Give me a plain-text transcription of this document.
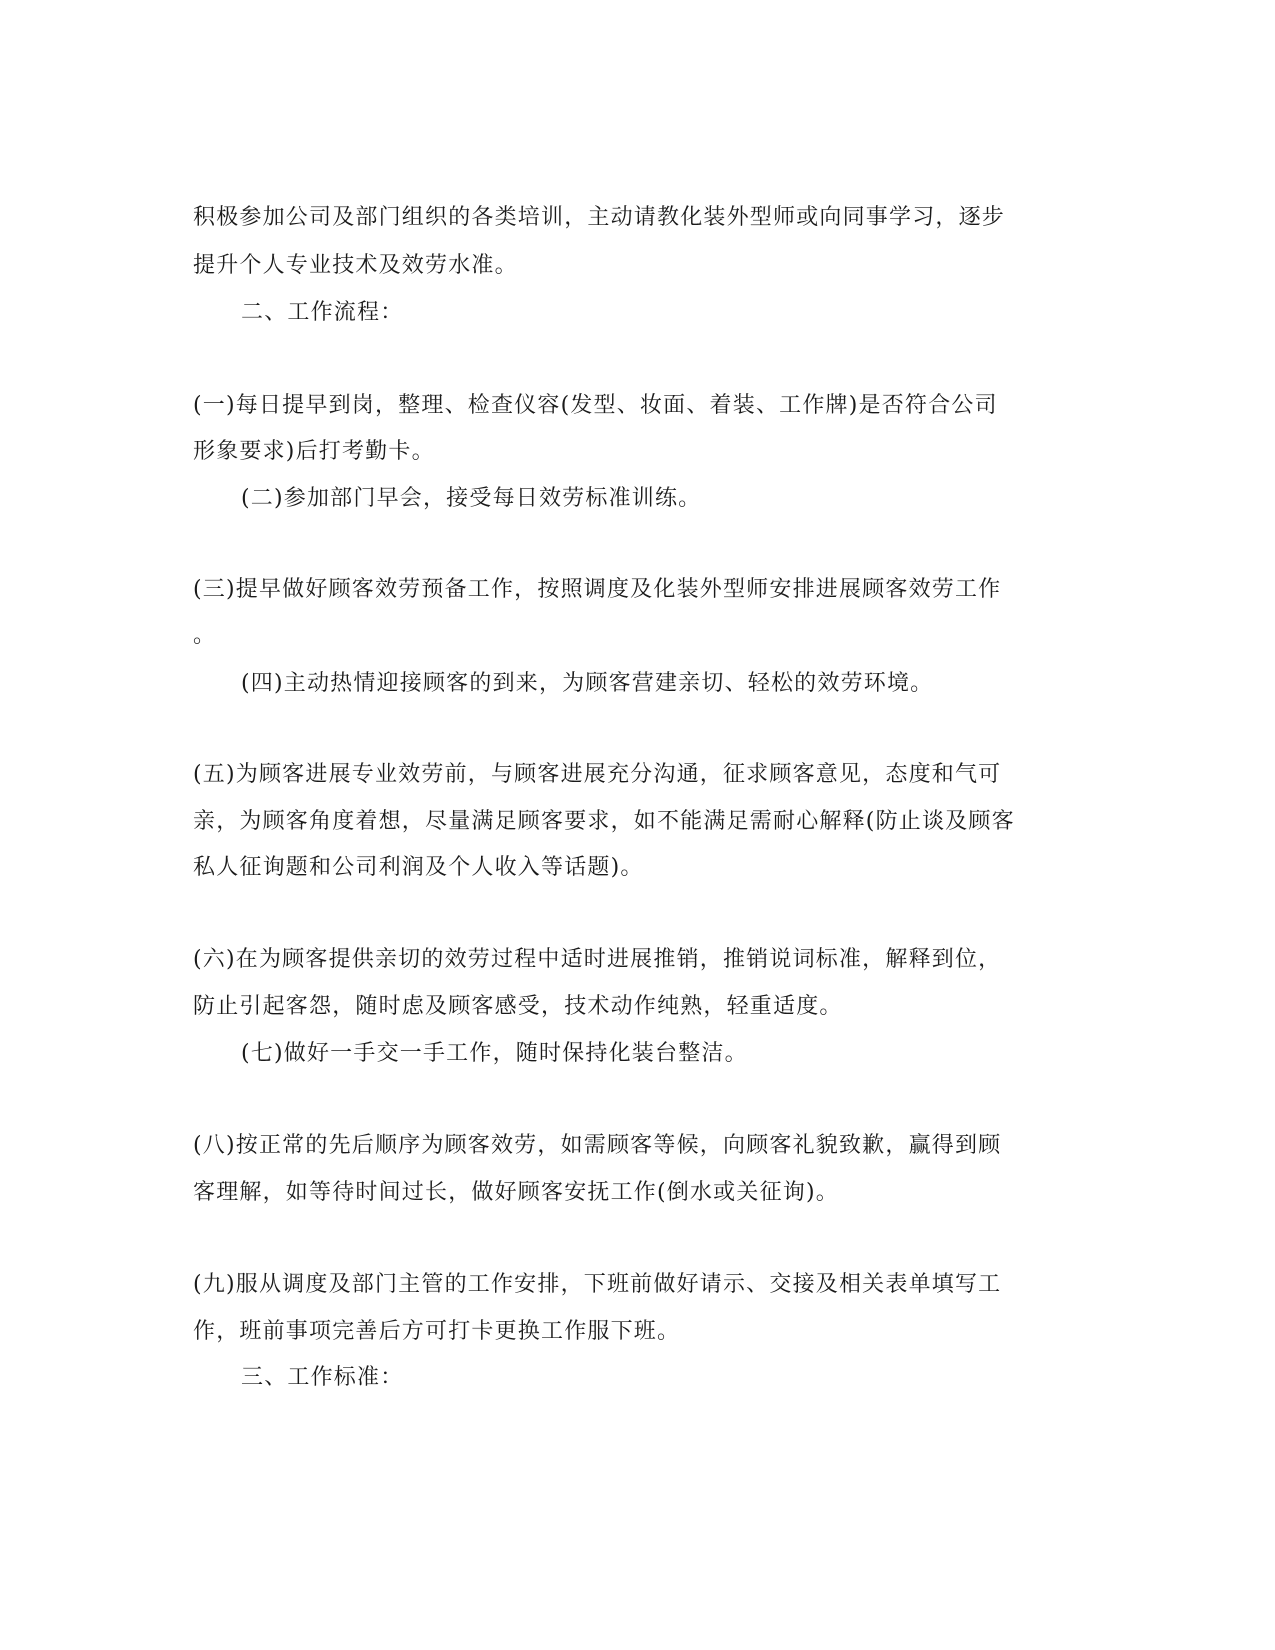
积极参加公司及部门组织的各类培训，主动请教化装外型师或向同事学习，逐步
提升个人专业技术及效劳水准。
二、工作流程：
(一)每日提早到岗，整理、检查仪容(发型、妆面、着装、工作牌)是否符合公司
形象要求)后打考勤卡。
(二)参加部门早会，接受每日效劳标准训练。
(三)提早做好顾客效劳预备工作，按照调度及化装外型师安排进展顾客效劳工作
。
(四)主动热情迎接顾客的到来，为顾客营建亲切、轻松的效劳环境。
(五)为顾客进展专业效劳前，与顾客进展充分沟通，征求顾客意见，态度和气可
亲，为顾客角度着想，尽量满足顾客要求，如不能满足需耐心解释(防止谈及顾客
私人征询题和公司利润及个人收入等话题)。
(六)在为顾客提供亲切的效劳过程中适时进展推销，推销说词标准，解释到位，
防止引起客怨，随时虑及顾客感受，技术动作纯熟，轻重适度。
(七)做好一手交一手工作，随时保持化装台整洁。
(八)按正常的先后顺序为顾客效劳，如需顾客等候，向顾客礼貌致歉，赢得到顾
客理解，如等待时间过长，做好顾客安抚工作(倒水或关征询)。
(九)服从调度及部门主管的工作安排，下班前做好请示、交接及相关表单填写工
作，班前事项完善后方可打卡更换工作服下班。
三、工作标准：
